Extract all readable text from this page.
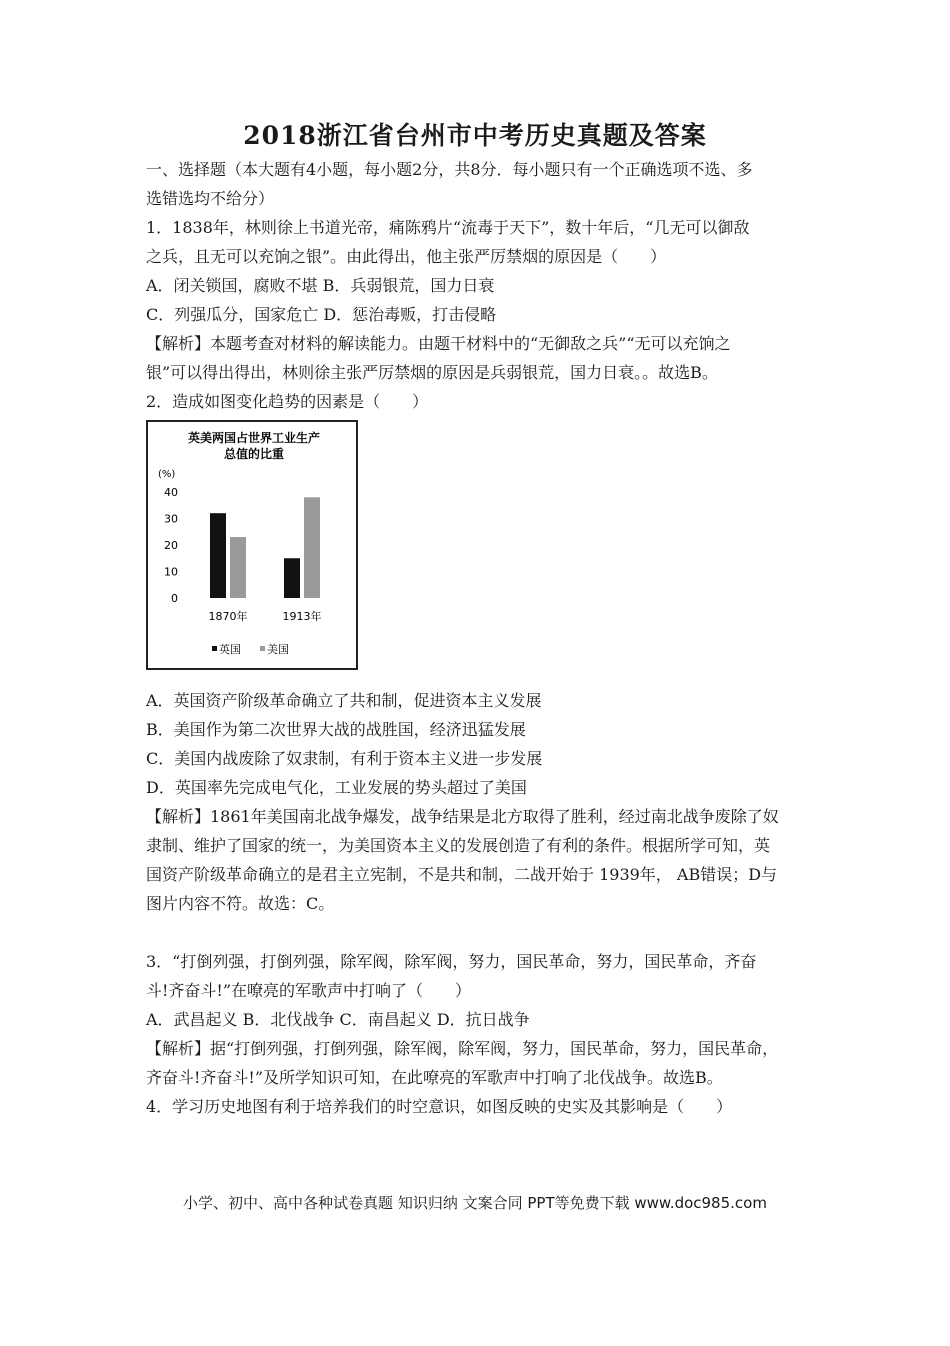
2018浙江省台州市中考历史真题及答案
一、选择题（本大题有4小题，每小题2分，共8分．每小题只有一个正确选项不选、多
选错选均不给分）
1．1838年，林则徐上书道光帝，痛陈鸦片“流毒于天下”，数十年后，“几无可以御敌
之兵，且无可以充饷之银”。由此得出，他主张严厉禁烟的原因是（　　）
A．闭关锁国，腐败不堪 B．兵弱银荒，国力日衰
C．列强瓜分，国家危亡 D．惩治毒贩，打击侵略
【解析】本题考查对材料的解读能力。由题干材料中的“无御敌之兵”“无可以充饷之
银”可以得出得出，林则徐主张严厉禁烟的原因是兵弱银荒，国力日衰。。故选B。
2．造成如图变化趋势的因素是（　　）
英美两国占世界工业生产
总值的比重
(%)
0
10
20
30
40
1870年	1913年
英国 美国
A．英国资产阶级革命确立了共和制，促进资本主义发展
B．美国作为第二次世界大战的战胜国，经济迅猛发展
C．美国内战废除了奴隶制，有利于资本主义进一步发展
D．英国率先完成电气化，工业发展的势头超过了美国
【解析】1861年美国南北战争爆发，战争结果是北方取得了胜利，经过南北战争废除了奴
隶制、维护了国家的统一，为美国资本主义的发展创造了有利的条件。根据所学可知，英
国资产阶级革命确立的是君主立宪制，不是共和制，二战开始于 1939年， AB错误；D与
图片内容不符。故选：C。
3．“打倒列强，打倒列强，除军阀，除军阀，努力，国民革命，努力，国民革命，齐奋
斗!齐奋斗!”在嘹亮的军歌声中打响了（　　）
A．武昌起义 B．北伐战争 C．南昌起义 D．抗日战争
【解析】据“打倒列强，打倒列强，除军阀，除军阀，努力，国民革命，努力，国民革命，
齐奋斗!齐奋斗!”及所学知识可知，在此嘹亮的军歌声中打响了北伐战争。故选B。
4．学习历史地图有利于培养我们的时空意识，如图反映的史实及其影响是（　　）
小学、初中、高中各种试卷真题 知识归纳 文案合同 PPT等免费下载 www.doc985.com
